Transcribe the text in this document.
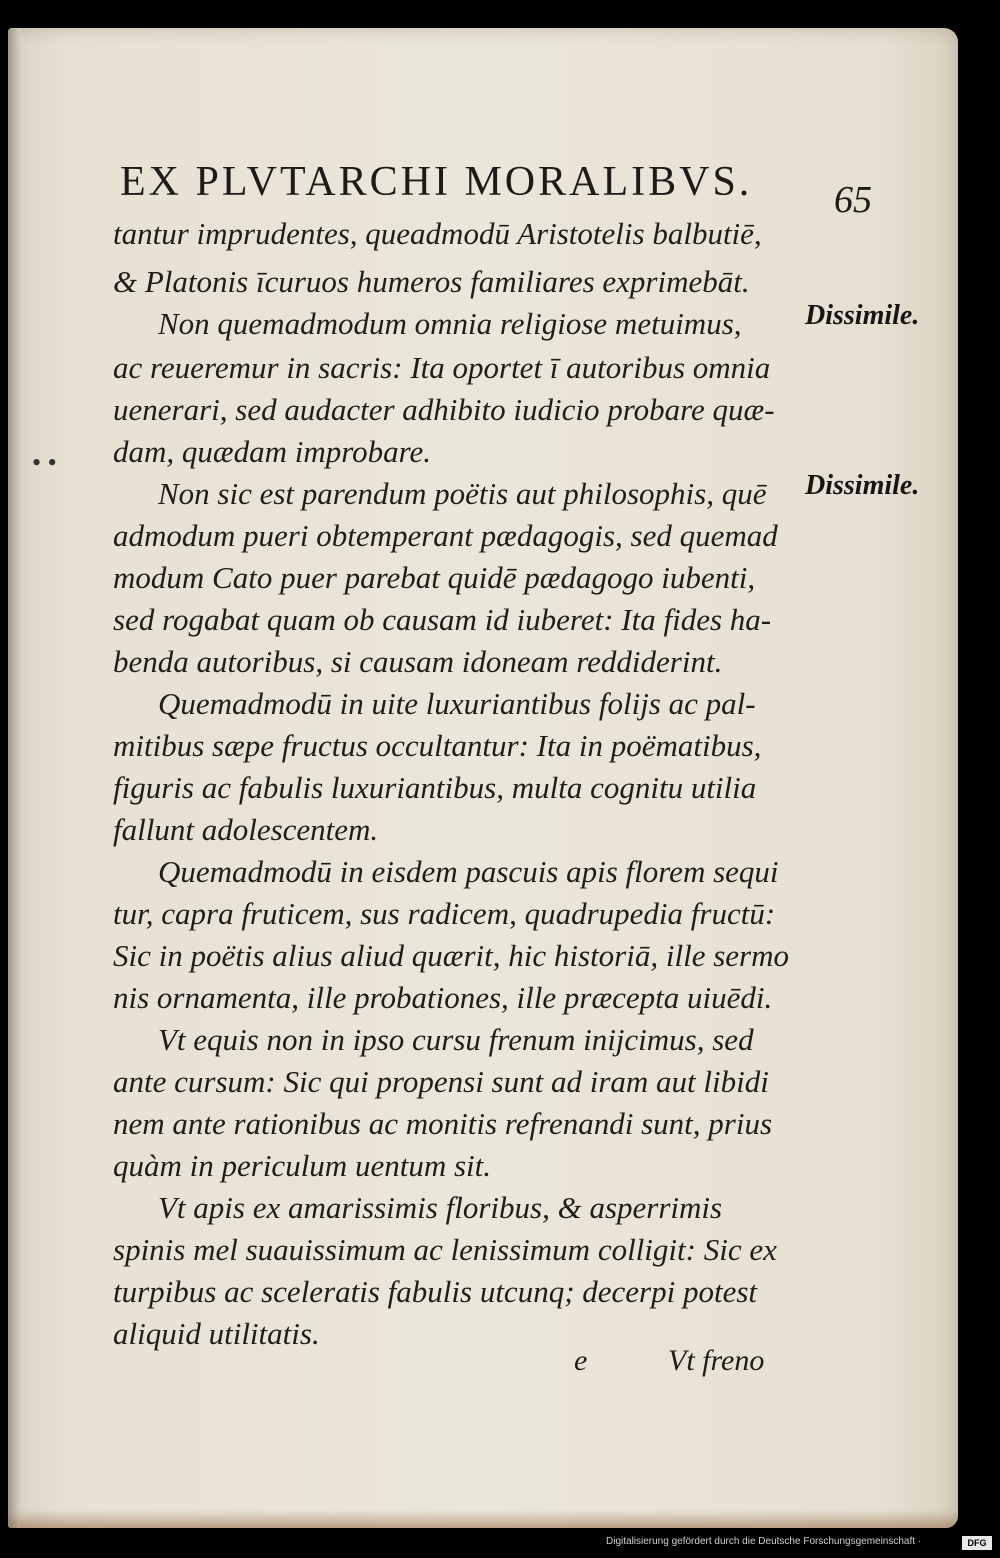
EX PLVTARCHI MORALIBVS.	65
tantur imprudentes, queadmodū Aristotelis balbutiē,
& Platonis īcuruos humeros familiares exprimebāt.
Non quemadmodum omnia religiose metuimus,
ac reueremur in sacris: Ita oportet ī autoribus omnia
uenerari, sed audacter adhibito iudicio probare quæ-
dam, quædam improbare.
Non sic est parendum poëtis aut philosophis, quē
admodum pueri obtemperant pædagogis, sed quemad
modum Cato puer parebat quidē pædagogo iubenti,
sed rogabat quam ob causam id iuberet: Ita fides ha-
benda autoribus, si causam idoneam reddiderint.
Quemadmodū in uite luxuriantibus folijs ac pal-
mitibus sæpe fructus occultantur: Ita in poëmatibus,
figuris ac fabulis luxuriantibus, multa cognitu utilia
fallunt adolescentem.
Quemadmodū in eisdem pascuis apis florem sequi
tur, capra fruticem, sus radicem, quadrupedia fructū:
Sic in poëtis alius aliud quærit, hic historiā, ille sermo
nis ornamenta, ille probationes, ille præcepta uiuēdi.
Vt equis non in ipso cursu frenum inijcimus, sed
ante cursum: Sic qui propensi sunt ad iram aut libidi
nem ante rationibus ac monitis refrenandi sunt, prius
quàm in periculum uentum sit.
Vt apis ex amarissimis floribus, & asperrimis
spinis mel suauissimum ac lenissimum colligit: Sic ex
turpibus ac sceleratis fabulis utcunq; decerpi potest
aliquid utilitatis.
Dissimile.
Dissimile.
• •
e	Vt freno
Digitalisierung gefördert durch die Deutsche Forschungsgemeinschaft ·	DFG
